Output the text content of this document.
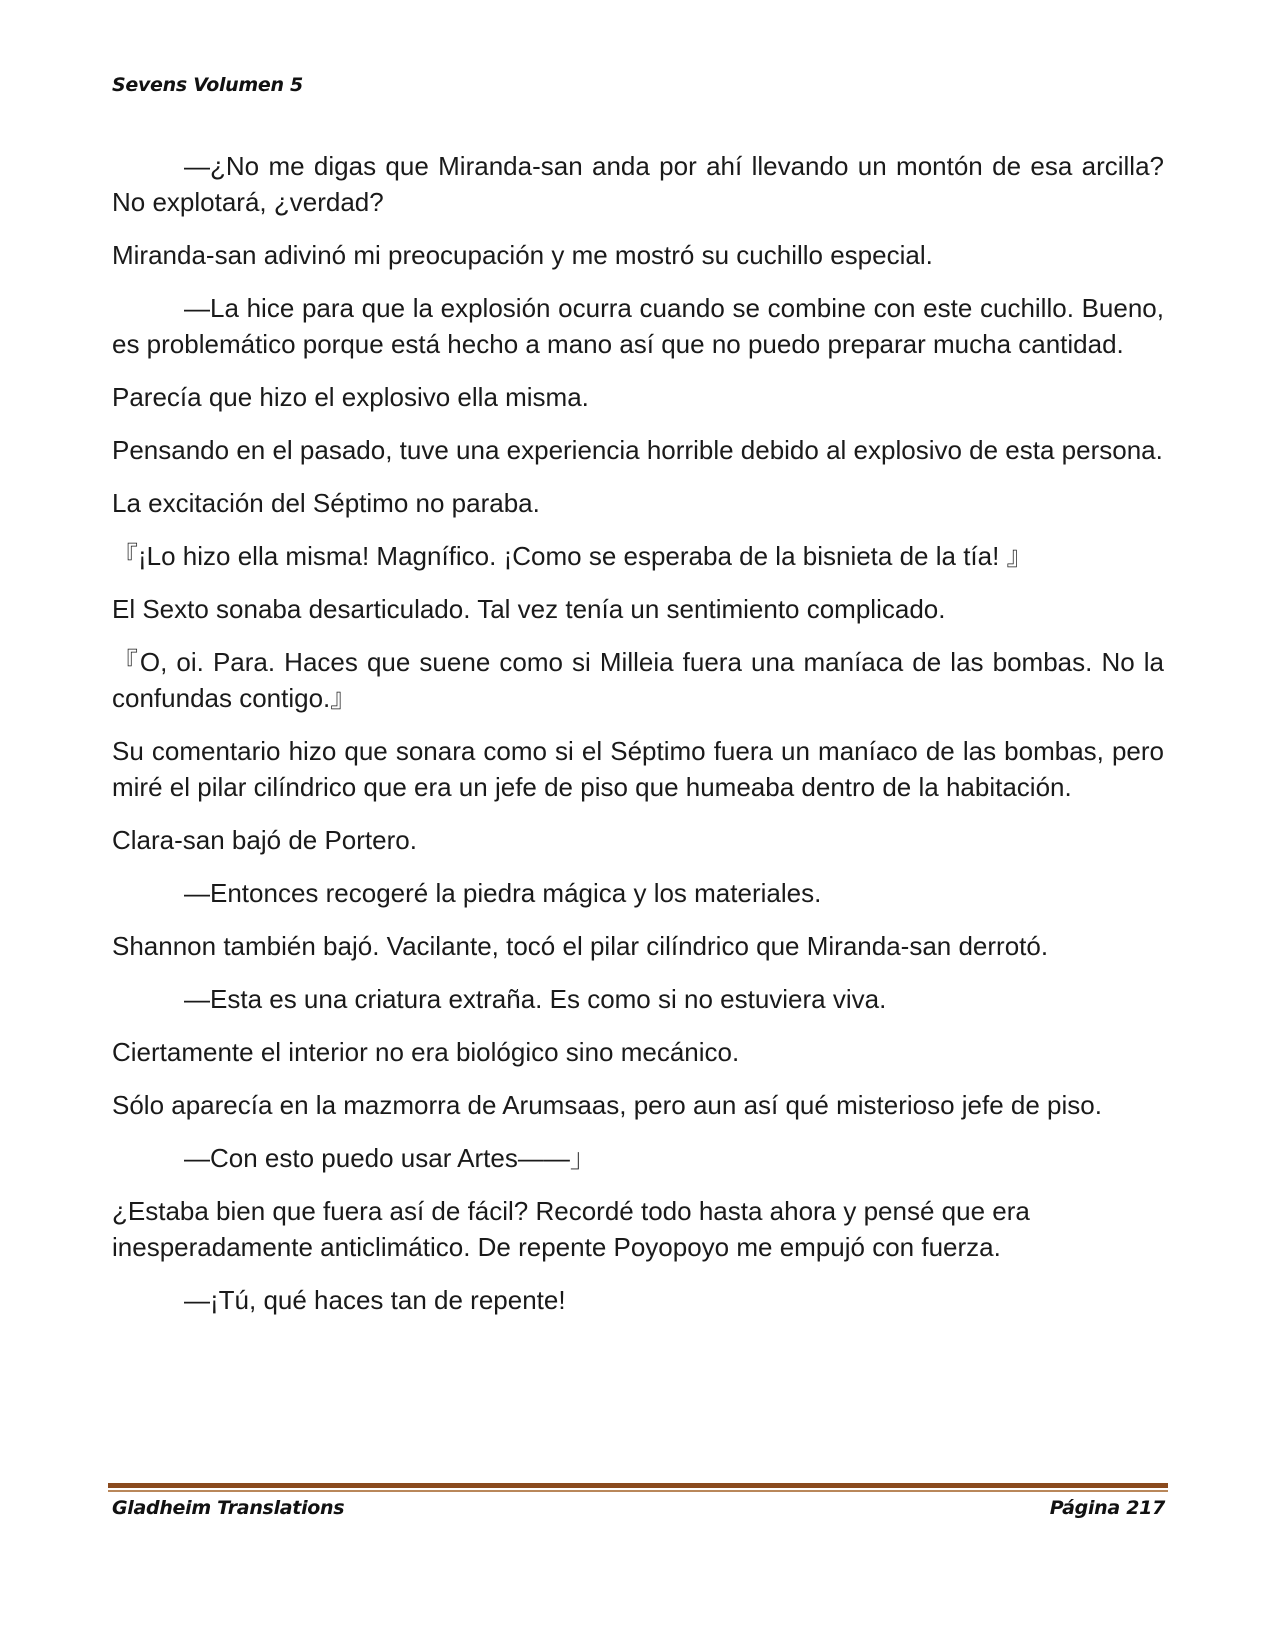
Sevens Volumen 5

—¿No me digas que Miranda-san anda por ahí llevando un montón de esa arcilla? No explotará, ¿verdad?

Miranda-san adivinó mi preocupación y me mostró su cuchillo especial.

—La hice para que la explosión ocurra cuando se combine con este cuchillo. Bueno, es problemático porque está hecho a mano así que no puedo preparar mucha cantidad.

Parecía que hizo el explosivo ella misma.

Pensando en el pasado, tuve una experiencia horrible debido al explosivo de esta persona.

La excitación del Séptimo no paraba.

『¡Lo hizo ella misma! Magnífico. ¡Como se esperaba de la bisnieta de la tía! 』

El Sexto sonaba desarticulado. Tal vez tenía un sentimiento complicado.

『O, oi. Para. Haces que suene como si Milleia fuera una maníaca de las bombas. No la confundas contigo.』

Su comentario hizo que sonara como si el Séptimo fuera un maníaco de las bombas, pero miré el pilar cilíndrico que era un jefe de piso que humeaba dentro de la habitación.

Clara-san bajó de Portero.

—Entonces recogeré la piedra mágica y los materiales.

Shannon también bajó. Vacilante, tocó el pilar cilíndrico que Miranda-san derrotó.

—Esta es una criatura extraña. Es como si no estuviera viva.

Ciertamente el interior no era biológico sino mecánico.

Sólo aparecía en la mazmorra de Arumsaas, pero aun así qué misterioso jefe de piso.

—Con esto puedo usar Artes——」

¿Estaba bien que fuera así de fácil? Recordé todo hasta ahora y pensé que era inesperadamente anticlimático. De repente Poyopoyo me empujó con fuerza.

—¡Tú, qué haces tan de repente!

Gladheim Translations	Página 217
